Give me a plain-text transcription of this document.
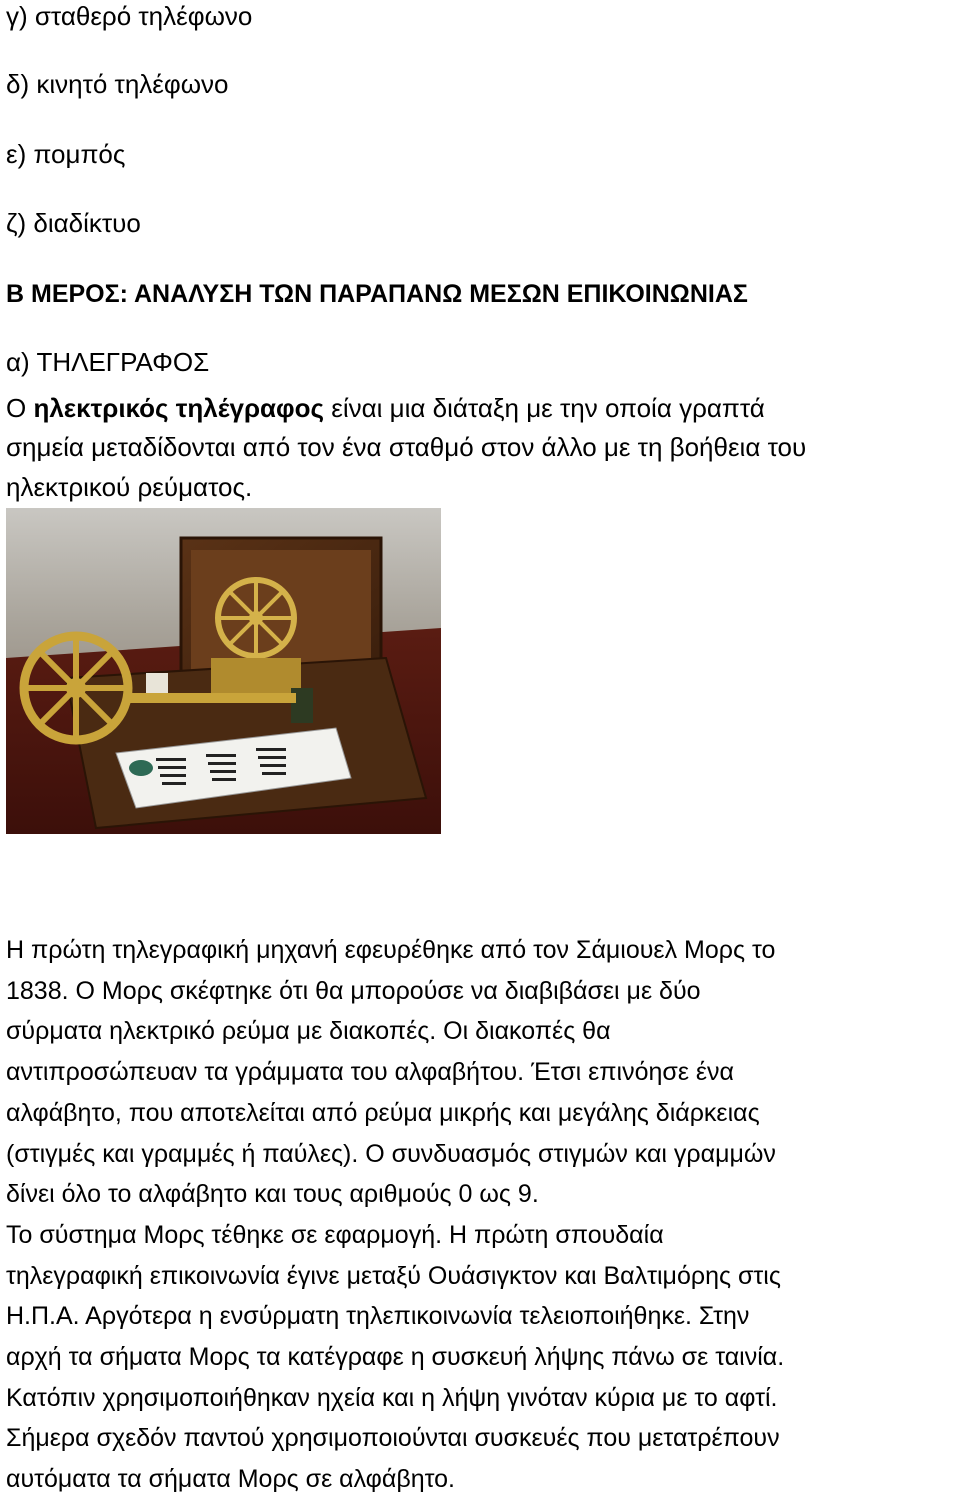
γ) σταθερό τηλέφωνο
δ) κινητό τηλέφωνο
ε) πομπός
ζ) διαδίκτυο
Β ΜΕΡΟΣ: ΑΝΑΛΥΣΗ ΤΩΝ ΠΑΡΑΠΑΝΩ ΜΕΣΩΝ ΕΠΙΚΟΙΝΩΝΙΑΣ
α) ΤΗΛΕΓΡΑΦΟΣ
Ο ηλεκτρικός τηλέγραφος είναι μια διάταξη με την οποία γραπτά
σημεία μεταδίδονται από τον ένα σταθμό στον άλλο με τη βοήθεια του
ηλεκτρικού ρεύματος.
Η πρώτη τηλεγραφική μηχανή εφευρέθηκε από τον Σάμιουελ Μορς το
1838. Ο Μορς σκέφτηκε ότι θα μπορούσε να διαβιβάσει με δύο
σύρματα ηλεκτρικό ρεύμα με διακοπές. Οι διακοπές θα
αντιπροσώπευαν τα γράμματα του αλφαβήτου. Έτσι επινόησε ένα
αλφάβητο, που αποτελείται από ρεύμα μικρής και μεγάλης διάρκειας
(στιγμές και γραμμές ή παύλες). Ο συνδυασμός στιγμών και γραμμών
δίνει όλο το αλφάβητο και τους αριθμούς 0 ως 9.
Το σύστημα Μορς τέθηκε σε εφαρμογή. Η πρώτη σπουδαία
τηλεγραφική επικοινωνία έγινε μεταξύ Ουάσιγκτον και Βαλτιμόρης στις
Η.Π.Α. Αργότερα η ενσύρματη τηλεπικοινωνία τελειοποιήθηκε. Στην
αρχή τα σήματα Μορς τα κατέγραφε η συσκευή λήψης πάνω σε ταινία.
Κατόπιν χρησιμοποιήθηκαν ηχεία και η λήψη γινόταν κύρια με το αφτί.
Σήμερα σχεδόν παντού χρησιμοποιούνται συσκευές που μετατρέπουν
αυτόματα τα σήματα Μορς σε αλφάβητο.
